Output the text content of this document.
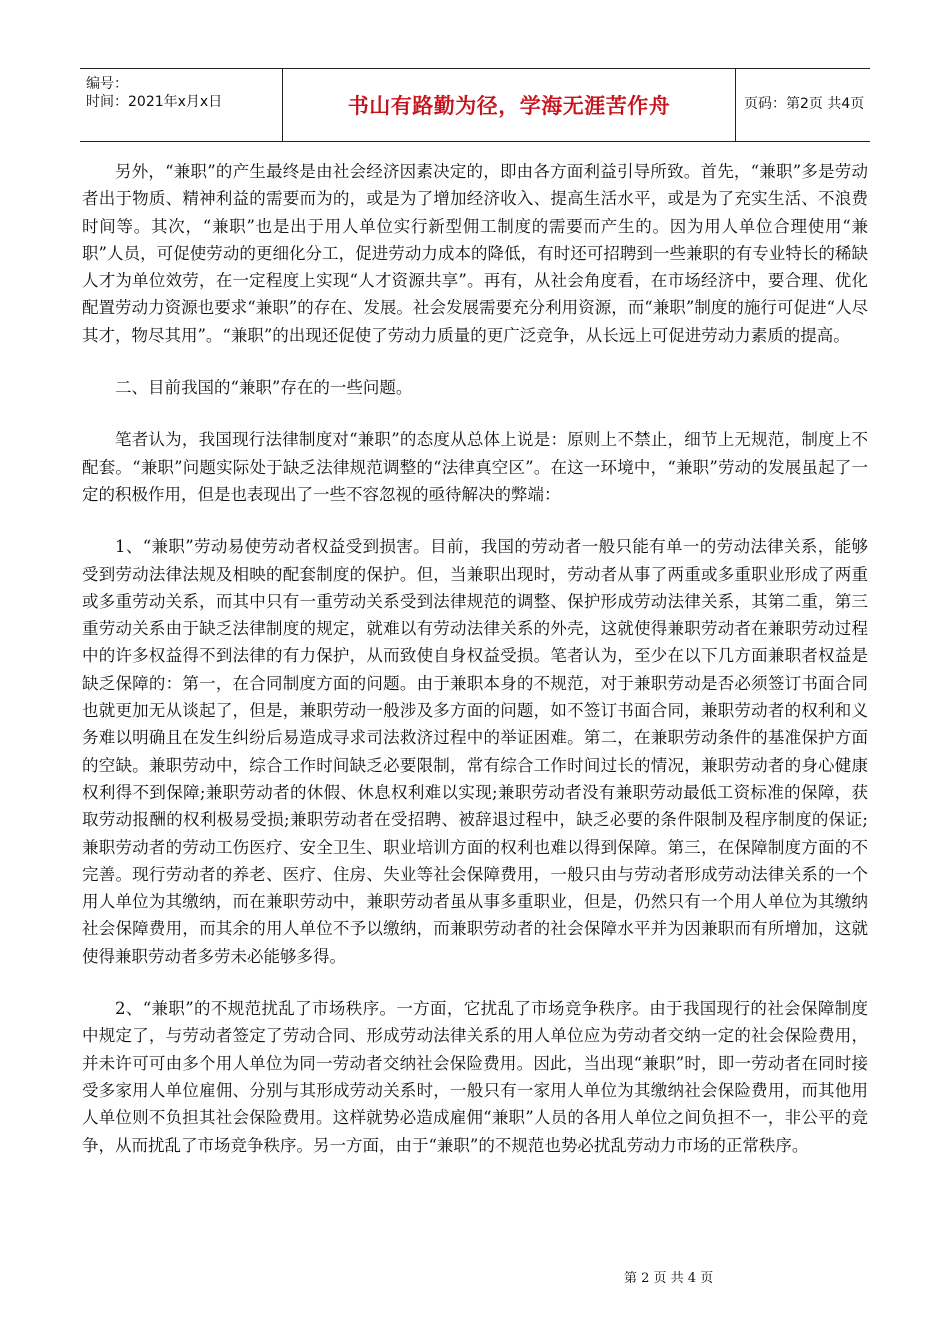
编号：
时间：2021年x月x日	书山有路勤为径，学海无涯苦作舟	页码：第2页 共4页

另外，“兼职”的产生最终是由社会经济因素决定的，即由各方面利益引导所致。首先，“兼职”多是劳动者出于物质、精神利益的需要而为的，或是为了增加经济收入、提高生活水平，或是为了充实生活、不浪费时间等。其次，“兼职”也是出于用人单位实行新型佣工制度的需要而产生的。因为用人单位合理使用“兼职”人员，可促使劳动的更细化分工，促进劳动力成本的降低，有时还可招聘到一些兼职的有专业特长的稀缺人才为单位效劳，在一定程度上实现“人才资源共享”。再有，从社会角度看，在市场经济中，要合理、优化配置劳动力资源也要求“兼职”的存在、发展。社会发展需要充分利用资源，而“兼职”制度的施行可促进“人尽其才，物尽其用”。“兼职”的出现还促使了劳动力质量的更广泛竞争，从长远上可促进劳动力素质的提高。

二、目前我国的“兼职”存在的一些问题。

笔者认为，我国现行法律制度对“兼职”的态度从总体上说是：原则上不禁止，细节上无规范，制度上不配套。“兼职”问题实际处于缺乏法律规范调整的“法律真空区”。在这一环境中，“兼职”劳动的发展虽起了一定的积极作用，但是也表现出了一些不容忽视的亟待解决的弊端：

1、“兼职”劳动易使劳动者权益受到损害。目前，我国的劳动者一般只能有单一的劳动法律关系，能够受到劳动法律法规及相映的配套制度的保护。但，当兼职出现时，劳动者从事了两重或多重职业形成了两重或多重劳动关系，而其中只有一重劳动关系受到法律规范的调整、保护形成劳动法律关系，其第二重，第三重劳动关系由于缺乏法律制度的规定，就难以有劳动法律关系的外壳，这就使得兼职劳动者在兼职劳动过程中的许多权益得不到法律的有力保护，从而致使自身权益受损。笔者认为，至少在以下几方面兼职者权益是缺乏保障的：第一，在合同制度方面的问题。由于兼职本身的不规范，对于兼职劳动是否必须签订书面合同也就更加无从谈起了，但是，兼职劳动一般涉及多方面的问题，如不签订书面合同，兼职劳动者的权利和义务难以明确且在发生纠纷后易造成寻求司法救济过程中的举证困难。第二，在兼职劳动条件的基准保护方面的空缺。兼职劳动中，综合工作时间缺乏必要限制，常有综合工作时间过长的情况，兼职劳动者的身心健康权利得不到保障;兼职劳动者的休假、休息权利难以实现;兼职劳动者没有兼职劳动最低工资标准的保障，获取劳动报酬的权利极易受损;兼职劳动者在受招聘、被辞退过程中，缺乏必要的条件限制及程序制度的保证;兼职劳动者的劳动工伤医疗、安全卫生、职业培训方面的权利也难以得到保障。第三，在保障制度方面的不完善。现行劳动者的养老、医疗、住房、失业等社会保障费用，一般只由与劳动者形成劳动法律关系的一个用人单位为其缴纳，而在兼职劳动中，兼职劳动者虽从事多重职业，但是，仍然只有一个用人单位为其缴纳社会保障费用，而其余的用人单位不予以缴纳，而兼职劳动者的社会保障水平并为因兼职而有所增加，这就使得兼职劳动者多劳未必能够多得。

2、“兼职”的不规范扰乱了市场秩序。一方面，它扰乱了市场竞争秩序。由于我国现行的社会保障制度中规定了，与劳动者签定了劳动合同、形成劳动法律关系的用人单位应为劳动者交纳一定的社会保险费用，并未许可可由多个用人单位为同一劳动者交纳社会保险费用。因此，当出现“兼职”时，即一劳动者在同时接受多家用人单位雇佣、分别与其形成劳动关系时，一般只有一家用人单位为其缴纳社会保险费用，而其他用人单位则不负担其社会保险费用。这样就势必造成雇佣“兼职”人员的各用人单位之间负担不一，非公平的竞争，从而扰乱了市场竞争秩序。另一方面，由于“兼职”的不规范也势必扰乱劳动力市场的正常秩序。

第 2 页 共 4 页
